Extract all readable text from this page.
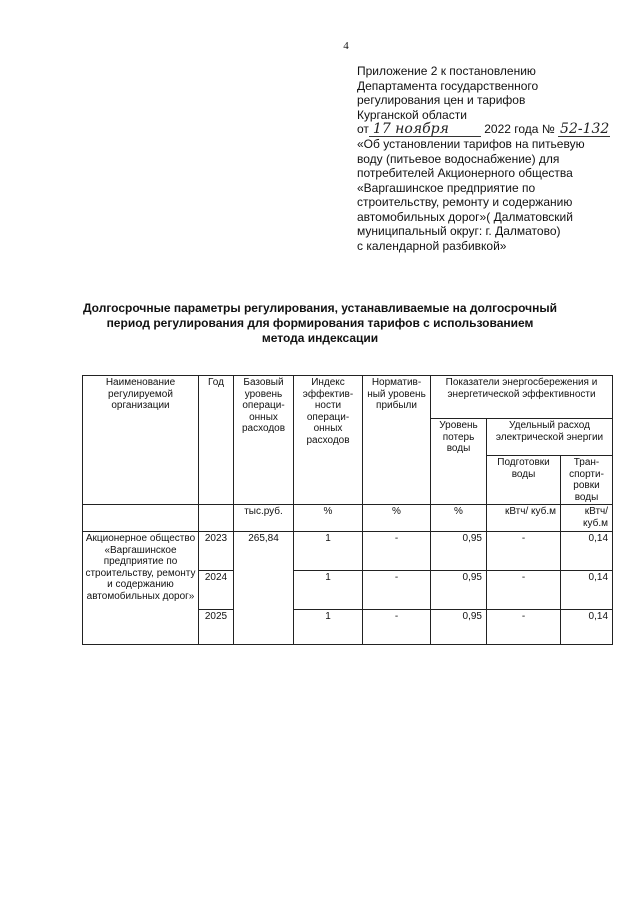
4
Приложение 2 к постановлению
Департамента государственного
регулирования цен и тарифов
Курганской области
от 17 ноября	2022 года № 52-132
«Об установлении тарифов на питьевую
воду (питьевое водоснабжение) для
потребителей Акционерного общества
«Варгашинское предприятие по
строительству, ремонту и содержанию
автомобильных дорог»( Далматовский
муниципальный округ: г. Далматово)
с календарной разбивкой»
Долгосрочные параметры регулирования, устанавливаемые на долгосрочный
период регулирования для формирования тарифов с использованием
метода индексации
Наименование регулируемой организации	Год	Базовый уровень операци-онных расходов	Индекс эффектив-ности операци-онных расходов	Норматив-ный уровень прибыли	Показатели энергосбережения и энергетической эффективности		
					Уровень потерь воды	Удельный расход электрической энергии	
						Подготовки воды	Тран-спорти-ровки воды
		тыс.руб.	%	%	%	кВтч/ куб.м	кВтч/ куб.м
Акционерное общество «Варгашинское предприятие по строительству, ремонту и содержанию автомобильных дорог»	2023	265,84	1	-	0,95	-	0,14
	2024		1	-	0,95	-	0,14
	2025		1	-	0,95	-	0,14
